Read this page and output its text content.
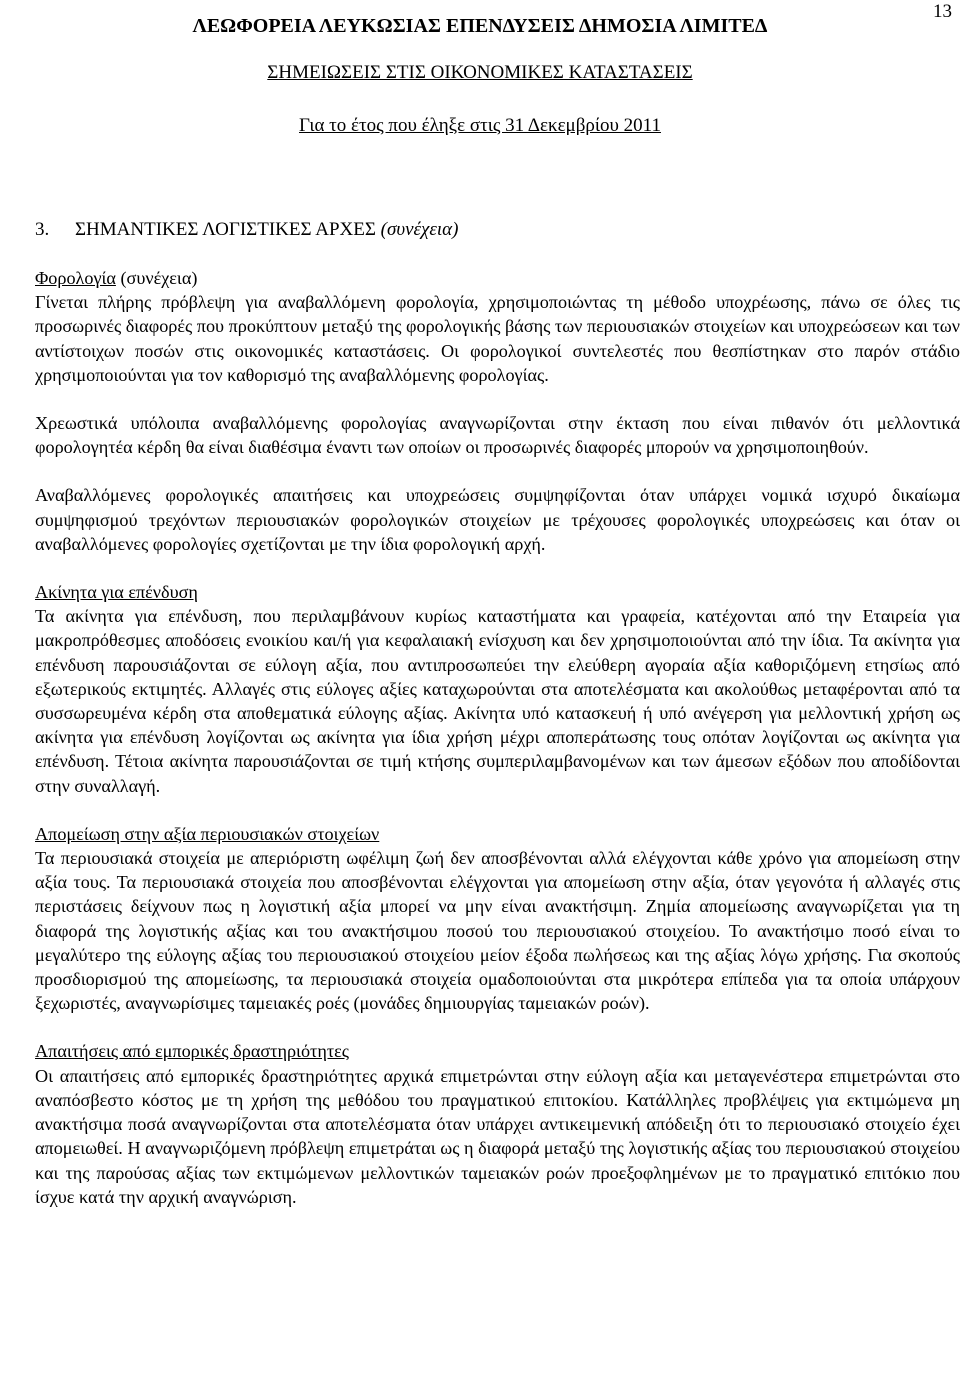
13
ΛΕΩΦΟΡΕΙΑ ΛΕΥΚΩΣΙΑΣ ΕΠΕΝΔΥΣΕΙΣ ΔΗΜΟΣΙΑ ΛΙΜΙΤΕΔ
ΣΗΜΕΙΩΣΕΙΣ ΣΤΙΣ ΟΙΚΟΝΟΜΙΚΕΣ ΚΑΤΑΣΤΑΣΕΙΣ
Για το έτος που έληξε στις 31 Δεκεμβρίου 2011
3.	ΣΗΜΑΝΤΙΚΕΣ ΛΟΓΙΣΤΙΚΕΣ ΑΡΧΕΣ (συνέχεια)
Φορολογία (συνέχεια)

Γίνεται πλήρης πρόβλεψη για αναβαλλόμενη φορολογία, χρησιμοποιώντας τη μέθοδο υποχρέωσης, πάνω σε όλες τις προσωρινές διαφορές που προκύπτουν μεταξύ της φορολογικής βάσης των περιουσιακών στοιχείων και υποχρεώσεων και των αντίστοιχων ποσών στις οικονομικές καταστάσεις. Οι φορολογικοί συντελεστές που θεσπίστηκαν στο παρόν στάδιο χρησιμοποιούνται για τον καθορισμό της αναβαλλόμενης φορολογίας.

Χρεωστικά υπόλοιπα αναβαλλόμενης φορολογίας αναγνωρίζονται στην έκταση που είναι πιθανόν ότι μελλοντικά φορολογητέα κέρδη θα είναι διαθέσιμα έναντι των οποίων οι προσωρινές διαφορές μπορούν να χρησιμοποιηθούν.

Αναβαλλόμενες φορολογικές απαιτήσεις και υποχρεώσεις συμψηφίζονται όταν υπάρχει νομικά ισχυρό δικαίωμα συμψηφισμού τρεχόντων περιουσιακών φορολογικών στοιχείων με τρέχουσες φορολογικές υποχρεώσεις και όταν οι αναβαλλόμενες φορολογίες σχετίζονται με την ίδια φορολογική αρχή.

Ακίνητα για επένδυση

Τα ακίνητα για επένδυση, που περιλαμβάνουν κυρίως καταστήματα και γραφεία, κατέχονται από την Εταιρεία για μακροπρόθεσμες αποδόσεις ενοικίου και/ή για κεφαλαιακή ενίσχυση και δεν χρησιμοποιούνται από την ίδια. Τα ακίνητα για επένδυση παρουσιάζονται σε εύλογη αξία, που αντιπροσωπεύει την ελεύθερη αγοραία αξία καθοριζόμενη ετησίως από εξωτερικούς εκτιμητές. Αλλαγές στις εύλογες αξίες καταχωρούνται στα αποτελέσματα και ακολούθως μεταφέρονται από τα συσσωρευμένα κέρδη στα αποθεματικά εύλογης αξίας. Ακίνητα υπό κατασκευή ή υπό ανέγερση για μελλοντική χρήση ως ακίνητα για επένδυση λογίζονται ως ακίνητα για ίδια χρήση μέχρι αποπεράτωσης τους οπόταν λογίζονται ως ακίνητα για επένδυση. Τέτοια ακίνητα παρουσιάζονται σε τιμή κτήσης συμπεριλαμβανομένων και των άμεσων εξόδων που αποδίδονται στην συναλλαγή.

Απομείωση στην αξία περιουσιακών στοιχείων

Τα περιουσιακά στοιχεία με απεριόριστη ωφέλιμη ζωή δεν αποσβένονται αλλά ελέγχονται κάθε χρόνο για απομείωση στην αξία τους. Τα περιουσιακά στοιχεία που αποσβένονται ελέγχονται για απομείωση στην αξία, όταν γεγονότα ή αλλαγές στις περιστάσεις δείχνουν πως η λογιστική αξία μπορεί να μην είναι ανακτήσιμη. Ζημία απομείωσης αναγνωρίζεται για τη διαφορά της λογιστικής αξίας και του ανακτήσιμου ποσού του περιουσιακού στοιχείου. Το ανακτήσιμο ποσό είναι το μεγαλύτερο της εύλογης αξίας του περιουσιακού στοιχείου μείον έξοδα πωλήσεως και της αξίας λόγω χρήσης. Για σκοπούς προσδιορισμού της απομείωσης, τα περιουσιακά στοιχεία ομαδοποιούνται στα μικρότερα επίπεδα για τα οποία υπάρχουν ξεχωριστές, αναγνωρίσιμες ταμειακές ροές (μονάδες δημιουργίας ταμειακών ροών).

Απαιτήσεις από εμπορικές δραστηριότητες

Οι απαιτήσεις από εμπορικές δραστηριότητες αρχικά επιμετρώνται στην εύλογη αξία και μεταγενέστερα επιμετρώνται στο αναπόσβεστο κόστος με τη χρήση της μεθόδου του πραγματικού επιτοκίου. Κατάλληλες προβλέψεις για εκτιμώμενα μη ανακτήσιμα ποσά αναγνωρίζονται στα αποτελέσματα όταν υπάρχει αντικειμενική απόδειξη ότι το περιουσιακό στοιχείο έχει απομειωθεί. Η αναγνωριζόμενη πρόβλεψη επιμετράται ως η διαφορά μεταξύ της λογιστικής αξίας του περιουσιακού στοιχείου και της παρούσας αξίας των εκτιμώμενων μελλοντικών ταμειακών ροών προεξοφλημένων με το πραγματικό επιτόκιο που ίσχυε κατά την αρχική αναγνώριση.
